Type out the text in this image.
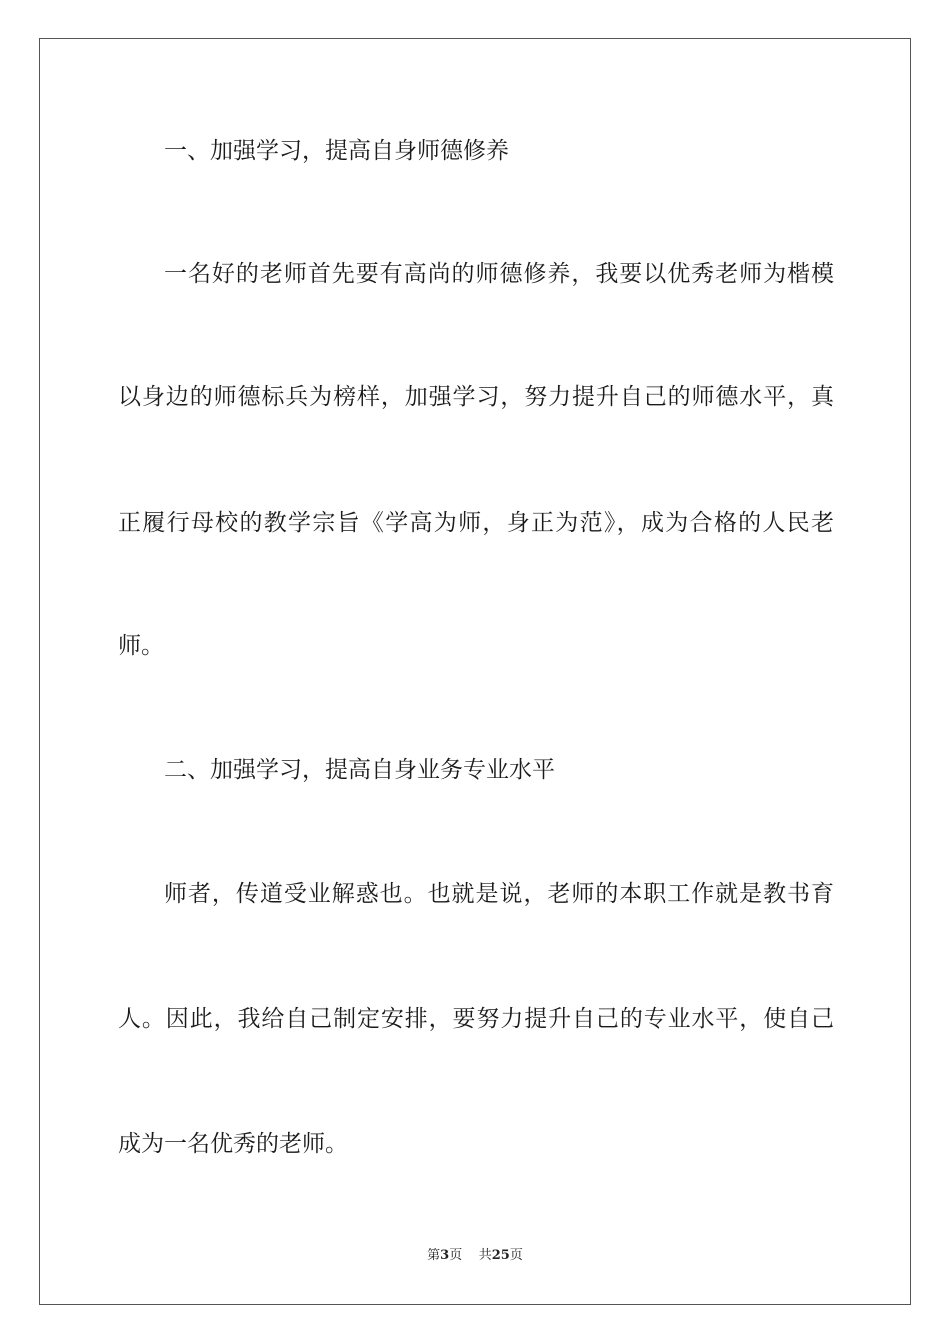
一、加强学习，提高自身师德修养
一名好的老师首先要有高尚的师德修养，我要以优秀老师为楷模
以身边的师德标兵为榜样，加强学习，努力提升自己的师德水平，真
正履行母校的教学宗旨《学高为师，身正为范》，成为合格的人民老
师。
二、加强学习，提高自身业务专业水平
师者，传道受业解惑也。也就是说，老师的本职工作就是教书育
人。因此，我给自己制定安排，要努力提升自己的专业水平，使自己
成为一名优秀的老师。
第3页 共25页
